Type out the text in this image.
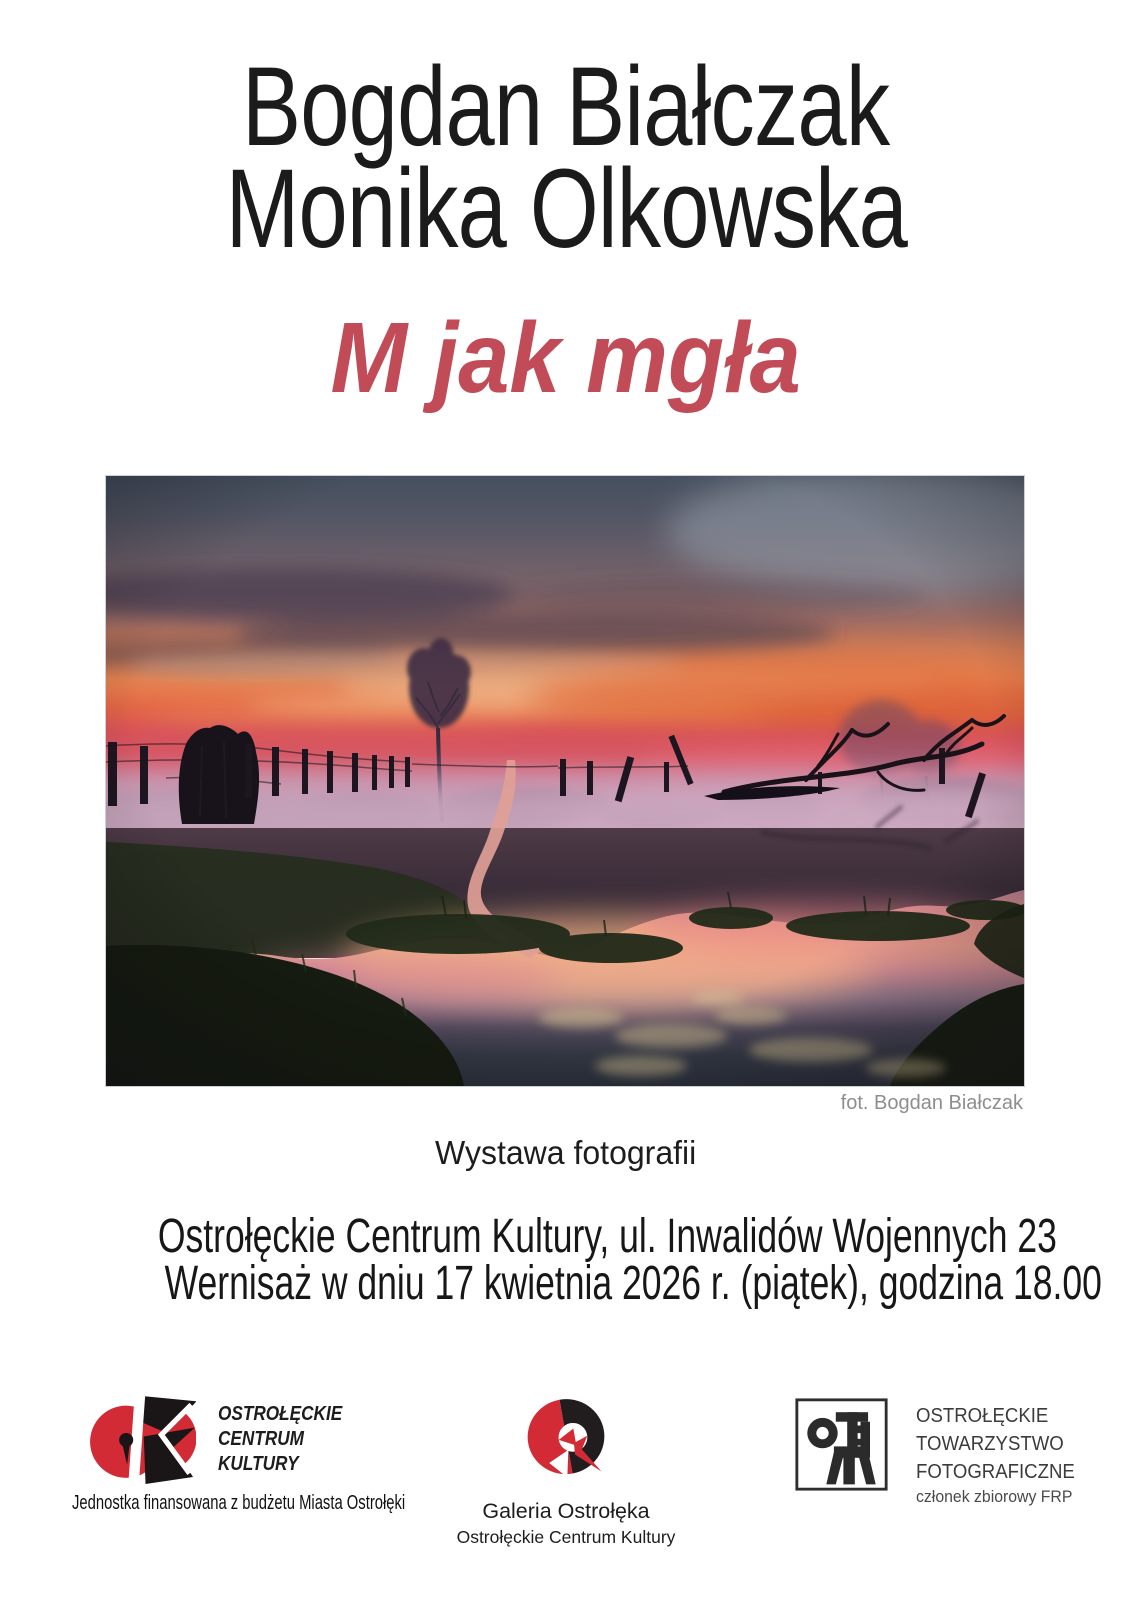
Bogdan Białczak
Monika Olkowska
M jak mgła
fot. Bogdan Białczak
Wystawa fotografii
Ostrołęckie Centrum Kultury, ul. Inwalidów Wojennych 23
Wernisaż w dniu 17 kwietnia 2026 r. (piątek), godzina 18.00
OSTROŁĘCKIE
CENTRUM
KULTURY
Jednostka finansowana z budżetu Miasta Ostrołęki	Galeria Ostrołęka
Ostrołęckie Centrum Kultury
OSTROŁĘCKIE
TOWARZYSTWO
FOTOGRAFICZNE
członek zbiorowy FRP
